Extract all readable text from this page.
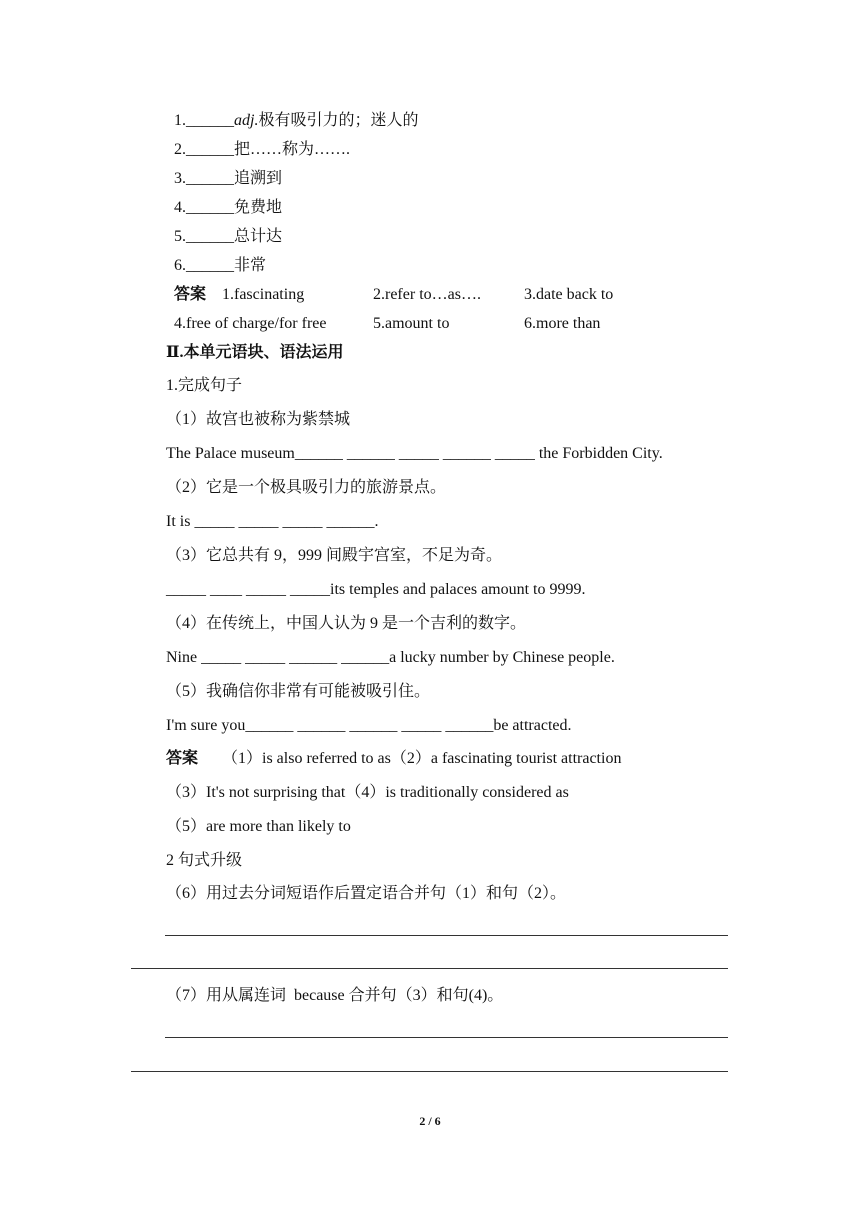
1.______adj.极有吸引力的；迷人的
2.______把……称为…….
3.______追溯到
4.______免费地
5.______总计达
6.______非常
答案 1.fascinating	2.refer to…as….	3.date back to
4.free of charge/for free	5.amount to	6.more than
Ⅱ.本单元语块、语法运用
1.完成句子
（1）故宫也被称为紫禁城
The Palace museum______ ______ _____ ______ _____ the Forbidden City.
（2）它是一个极具吸引力的旅游景点。
It is _____ _____ _____ ______.
（3）它总共有 9，999 间殿宇宫室，不足为奇。
_____ ____ _____ _____its temples and palaces amount to 9999.
（4）在传统上，中国人认为 9 是一个吉利的数字。
Nine _____ _____ ______ ______a lucky number by Chinese people.
（5）我确信你非常有可能被吸引住。
I'm sure you______ ______ ______ _____ ______be attracted.
答案 （1）is also referred to as（2）a fascinating tourist attraction
（3）It's not surprising that（4）is traditionally considered as
（5）are more than likely to
2 句式升级
（6）用过去分词短语作后置定语合并句（1）和句（2）。
（7）用从属连词  because 合并句（3）和句(4)。
2 / 6
